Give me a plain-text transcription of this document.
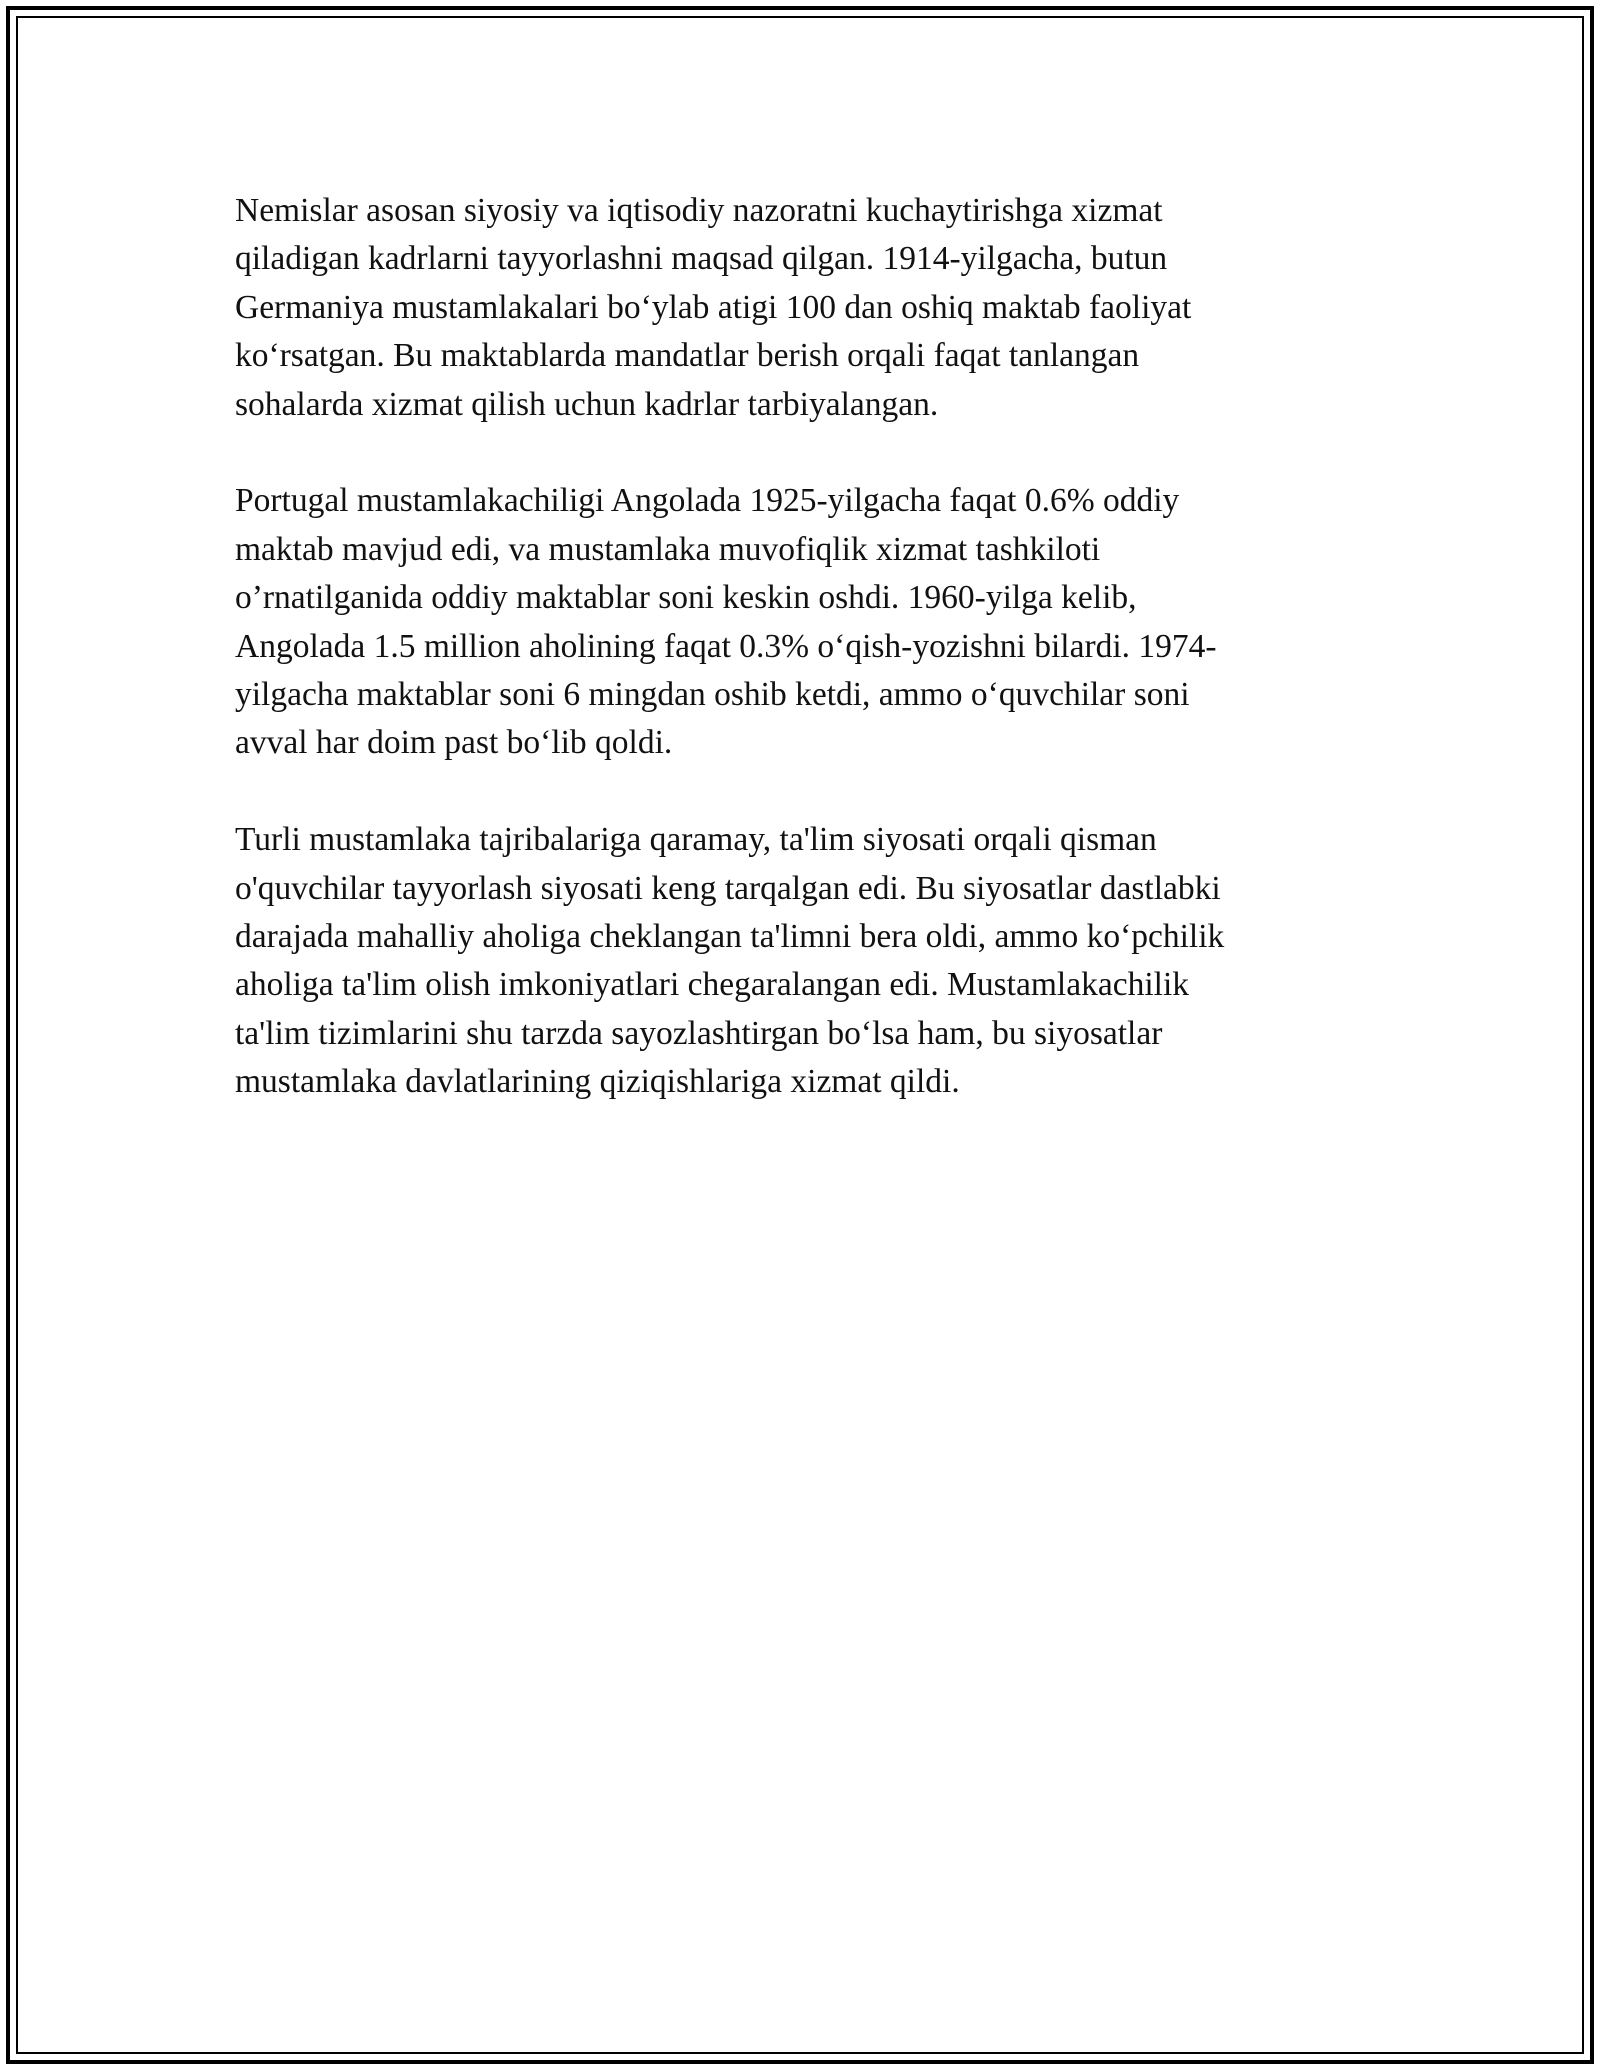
Nemislar asosan siyosiy va iqtisodiy nazoratni kuchaytirishga xizmat
qiladigan kadrlarni tayyorlashni maqsad qilgan. 1914-yilgacha, butun
Germaniya mustamlakalari bo‘ylab atigi 100 dan oshiq maktab faoliyat
ko‘rsatgan. Bu maktablarda mandatlar berish orqali faqat tanlangan
sohalarda xizmat qilish uchun kadrlar tarbiyalangan.

Portugal mustamlakachiligi Angolada 1925-yilgacha faqat 0.6% oddiy
maktab mavjud edi, va mustamlaka muvofiqlik xizmat tashkiloti
o’rnatilganida oddiy maktablar soni keskin oshdi. 1960-yilga kelib,
Angolada 1.5 million aholining faqat 0.3% o‘qish-yozishni bilardi. 1974-
yilgacha maktablar soni 6 mingdan oshib ketdi, ammo o‘quvchilar soni
avval har doim past bo‘lib qoldi.

Turli mustamlaka tajribalariga qaramay, ta'lim siyosati orqali qisman
o'quvchilar tayyorlash siyosati keng tarqalgan edi. Bu siyosatlar dastlabki
darajada mahalliy aholiga cheklangan ta'limni bera oldi, ammo ko‘pchilik
aholiga ta'lim olish imkoniyatlari chegaralangan edi. Mustamlakachilik
ta'lim tizimlarini shu tarzda sayozlashtirgan bo‘lsa ham, bu siyosatlar
mustamlaka davlatlarining qiziqishlariga xizmat qildi.
